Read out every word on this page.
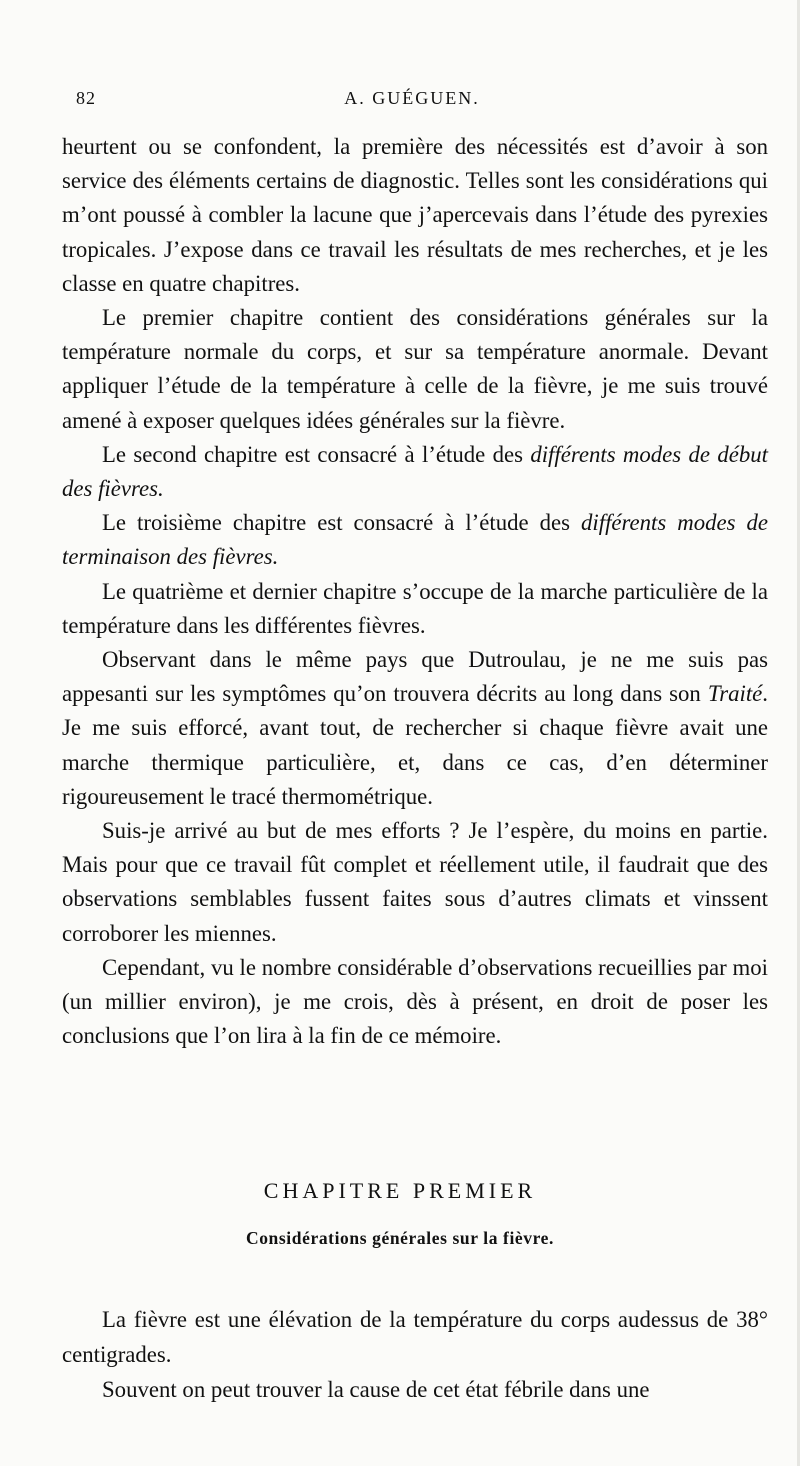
82	A. GUÉGUEN.

heurtent ou se confondent, la première des nécessités est d’avoir à son service des éléments certains de diagnostic. Telles sont les considérations qui m’ont poussé à combler la lacune que j’apercevais dans l’étude des pyrexies tropicales. J’expose dans ce travail les résultats de mes recherches, et je les classe en quatre chapitres.

Le premier chapitre contient des considérations générales sur la température normale du corps, et sur sa température anormale. Devant appliquer l’étude de la température à celle de la fièvre, je me suis trouvé amené à exposer quelques idées générales sur la fièvre.

Le second chapitre est consacré à l’étude des différents modes de début des fièvres.

Le troisième chapitre est consacré à l’étude des différents modes de terminaison des fièvres.

Le quatrième et dernier chapitre s’occupe de la marche particulière de la température dans les différentes fièvres.

Observant dans le même pays que Dutroulau, je ne me suis pas appesanti sur les symptômes qu’on trouvera décrits au long dans son Traité. Je me suis efforcé, avant tout, de rechercher si chaque fièvre avait une marche thermique particulière, et, dans ce cas, d’en déterminer rigoureusement le tracé thermométrique.

Suis-je arrivé au but de mes efforts ? Je l’espère, du moins en partie. Mais pour que ce travail fût complet et réellement utile, il faudrait que des observations semblables fussent faites sous d’autres climats et vinssent corroborer les miennes.

Cependant, vu le nombre considérable d’observations recueillies par moi (un millier environ), je me crois, dès à présent, en droit de poser les conclusions que l’on lira à la fin de ce mémoire.

CHAPITRE PREMIER
Considérations générales sur la fièvre.

La fièvre est une élévation de la température du corps audessus de 38° centigrades.

Souvent on peut trouver la cause de cet état fébrile dans une
